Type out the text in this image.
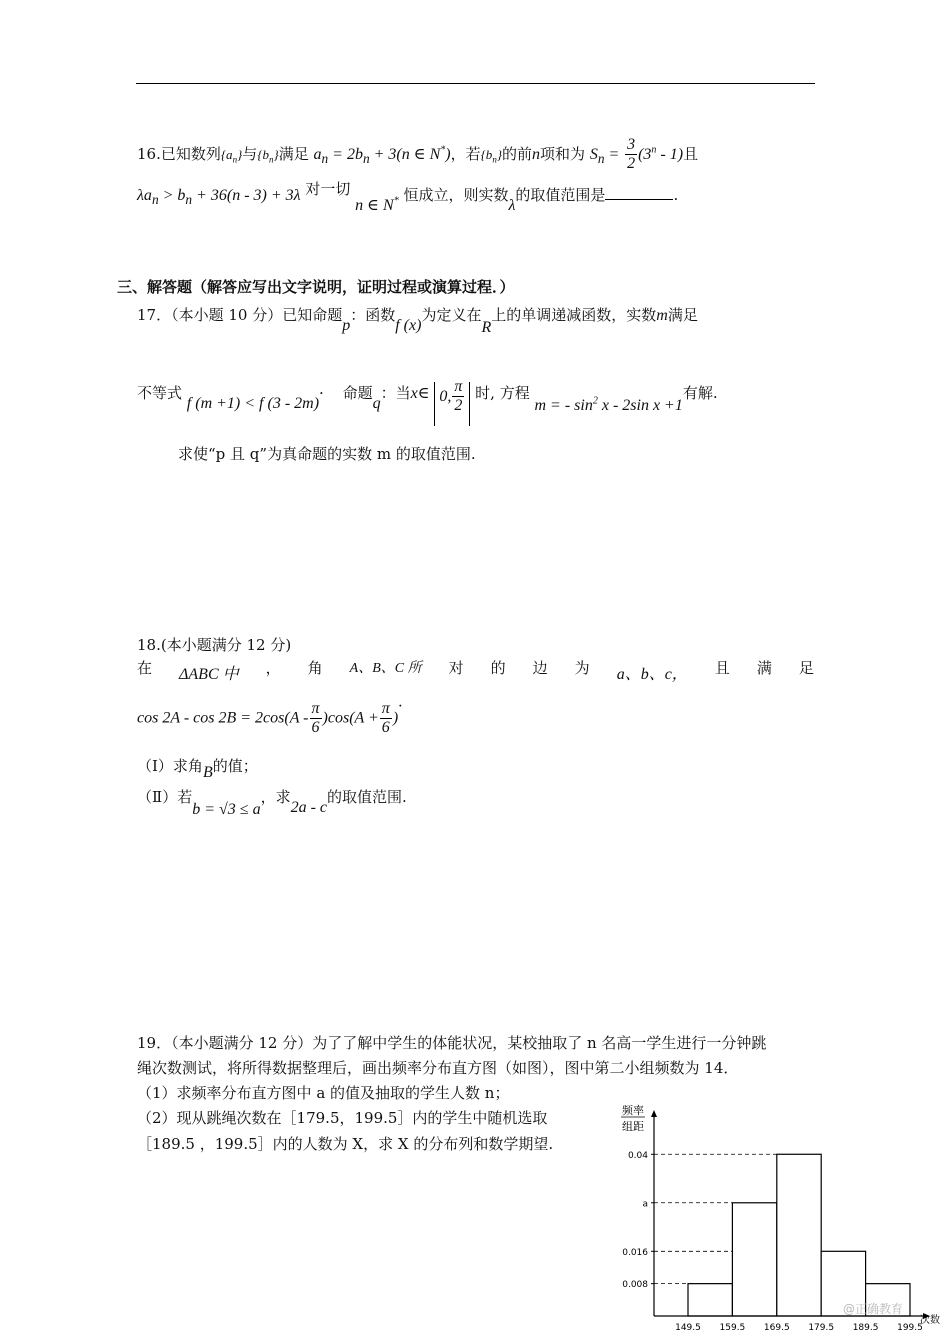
16.已知数列$\{a_n\}$与$\{b_n\}$满足 $a_n = 2b_n + 3(n$ ∈ N*)，若$\{b_n\}$的前n项和为 $S_n = \frac{3}{2} (3^n - 1)$且
$\lambda a_n > b_n + 36(n - 3) + 3\lambda$ 对一切 n ∈ N* 恒成立，则实数λ的取值范围是	.
三、解答题（解答应写出文字说明，证明过程或演算过程．）
17．（本小题 10 分）已知命题p：函数f (x)为定义在R上的单调递减函数，实数m满足
不等式 f (m +1) < f (3 - 2m)· 命题q：当x∈ 0, $\frac{\pi}{2}$ 时, 方程 m = - $\sin^2 x - 2\sin$ x +1有解.
求使“p 且 q”为真命题的实数 m 的取值范围.
18.(本小题满分 12 分)
在 ΔABC 中 ， 角 A、B、C 所 对 的 边 为 a、b、c， 且 满 足
$\cos 2A - \cos 2B = 2\cos(A - \frac{\pi}{6} )\cos(A + \frac{\pi}{6}$ )·
（Ⅰ）求角B的值；
（Ⅱ）若b = √3 ≤ a，求2a - c的取值范围.
19．（本小题满分 12 分）为了了解中学生的体能状况，某校抽取了 n 名高一学生进行一分钟跳
绳次数测试，将所得数据整理后，画出频率分布直方图（如图），图中第二小组频数为 14．
（1）求频率分布直方图中 a 的值及抽取的学生人数 n；
（2）现从跳绳次数在［179.5，199.5］内的学生中随机选取
［189.5 ，199.5］内的人数为 X，求 X 的分布列和数学期望.
频率
组距
次数
@正确教育
0.008
0.016
a
0.04
149.5 159.5 169.5 179.5 189.5 199.5
